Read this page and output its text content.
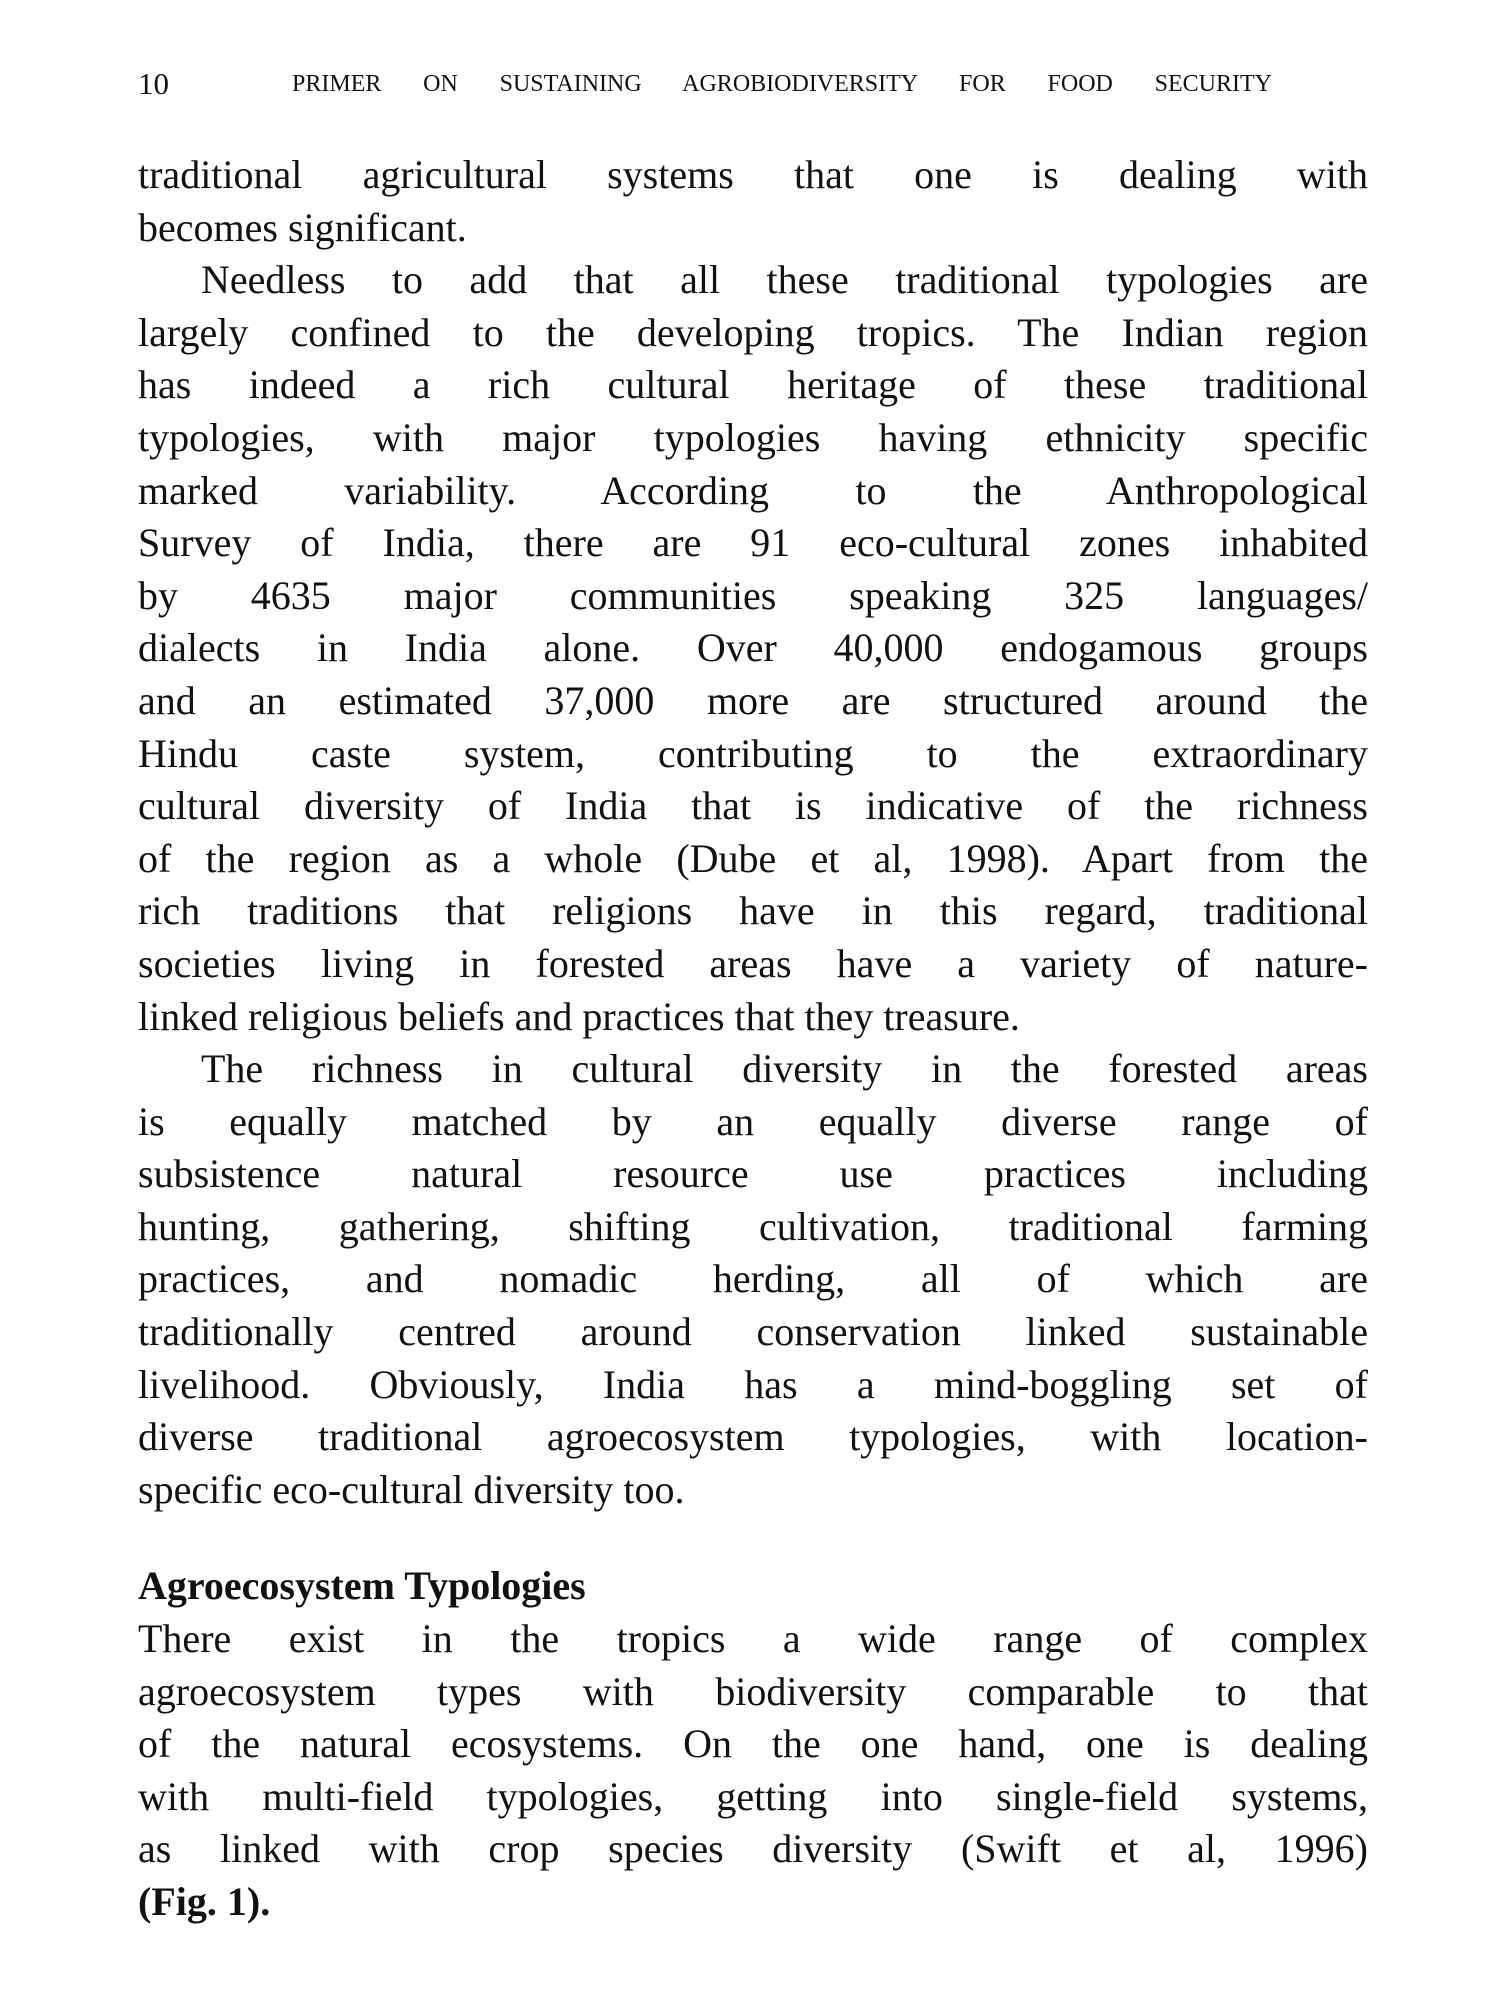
10	PRIMER ON SUSTAINING AGROBIODIVERSITY FOR FOOD SECURITY
traditional agricultural systems that one is dealing with
becomes significant.
Needless to add that all these traditional typologies are
largely confined to the developing tropics. The Indian region
has indeed a rich cultural heritage of these traditional
typologies, with major typologies having ethnicity specific
marked variability. According to the Anthropological
Survey of India, there are 91 eco-cultural zones inhabited
by 4635 major communities speaking 325 languages/
dialects in India alone. Over 40,000 endogamous groups
and an estimated 37,000 more are structured around the
Hindu caste system, contributing to the extraordinary
cultural diversity of India that is indicative of the richness
of the region as a whole (Dube et al, 1998). Apart from the
rich traditions that religions have in this regard, traditional
societies living in forested areas have a variety of nature-
linked religious beliefs and practices that they treasure.
The richness in cultural diversity in the forested areas
is equally matched by an equally diverse range of
subsistence natural resource use practices including
hunting, gathering, shifting cultivation, traditional farming
practices, and nomadic herding, all of which are
traditionally centred around conservation linked sustainable
livelihood. Obviously, India has a mind-boggling set of
diverse traditional agroecosystem typologies, with location-
specific eco-cultural diversity too.
Agroecosystem Typologies
There exist in the tropics a wide range of complex
agroecosystem types with biodiversity comparable to that
of the natural ecosystems. On the one hand, one is dealing
with multi-field typologies, getting into single-field systems,
as linked with crop species diversity (Swift et al, 1996)
(Fig. 1).
